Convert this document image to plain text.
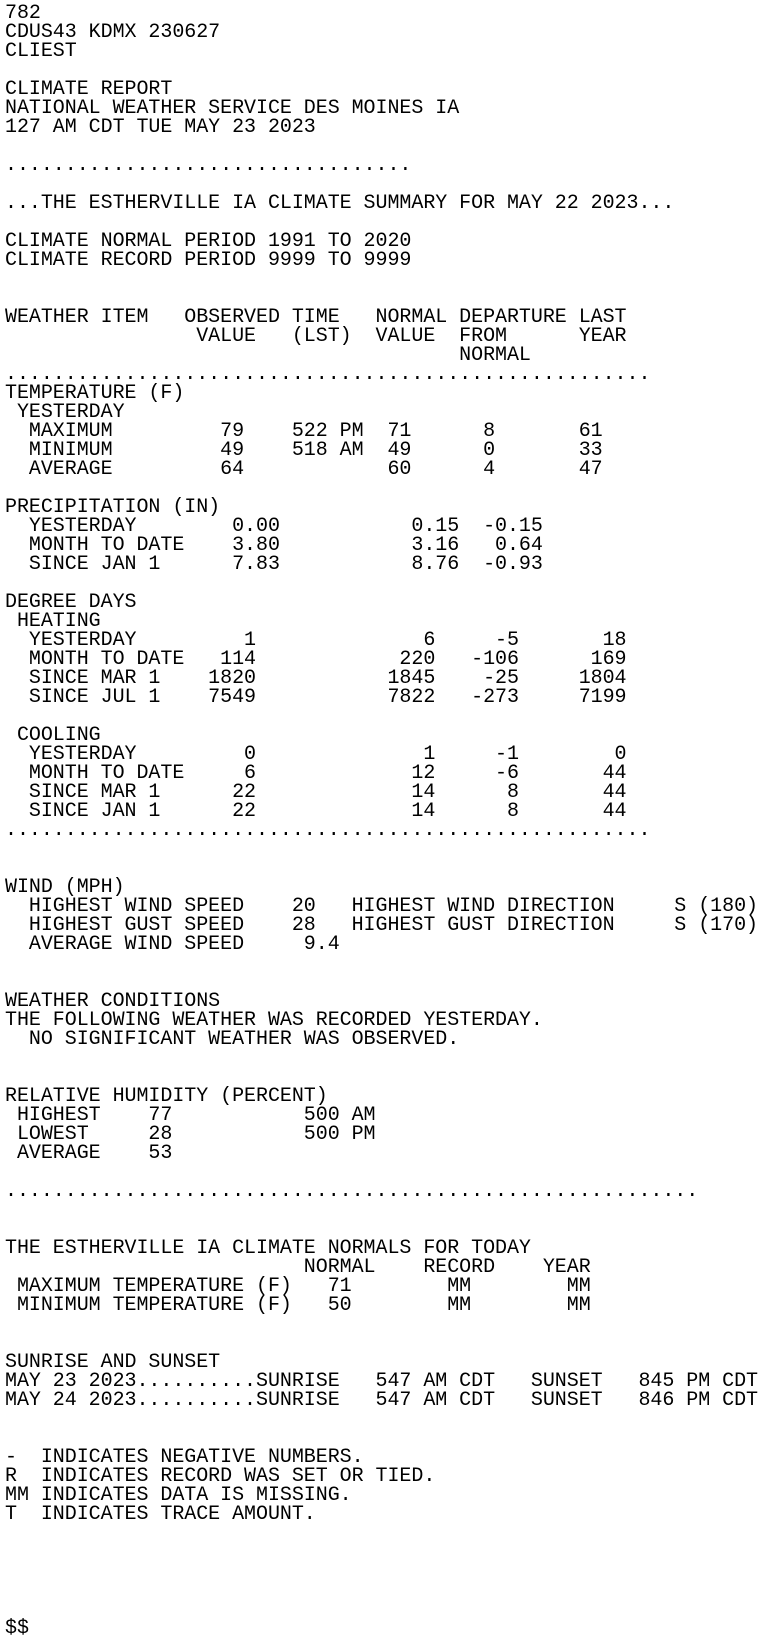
782
CDUS43 KDMX 230627
CLIEST

CLIMATE REPORT
NATIONAL WEATHER SERVICE DES MOINES IA
127 AM CDT TUE MAY 23 2023

..................................

...THE ESTHERVILLE IA CLIMATE SUMMARY FOR MAY 22 2023...

CLIMATE NORMAL PERIOD 1991 TO 2020
CLIMATE RECORD PERIOD 9999 TO 9999

WEATHER ITEM   OBSERVED TIME   NORMAL DEPARTURE LAST
VALUE   (LST)  VALUE  FROM      YEAR
NORMAL
......................................................
TEMPERATURE (F)
YESTERDAY
MAXIMUM         79    522 PM  71      8       61
MINIMUM         49    518 AM  49      0       33
AVERAGE         64            60      4       47

PRECIPITATION (IN)
YESTERDAY        0.00           0.15  -0.15
MONTH TO DATE    3.80           3.16   0.64
SINCE JAN 1      7.83           8.76  -0.93

DEGREE DAYS
HEATING
YESTERDAY         1              6     -5       18
MONTH TO DATE   114            220   -106      169
SINCE MAR 1    1820           1845    -25     1804
SINCE JUL 1    7549           7822   -273     7199

COOLING
YESTERDAY         0              1     -1        0
MONTH TO DATE     6             12     -6       44
SINCE MAR 1      22             14      8       44
SINCE JAN 1      22             14      8       44
......................................................

WIND (MPH)
HIGHEST WIND SPEED    20   HIGHEST WIND DIRECTION     S (180)
HIGHEST GUST SPEED    28   HIGHEST GUST DIRECTION     S (170)
AVERAGE WIND SPEED     9.4

WEATHER CONDITIONS
THE FOLLOWING WEATHER WAS RECORDED YESTERDAY.
NO SIGNIFICANT WEATHER WAS OBSERVED.

RELATIVE HUMIDITY (PERCENT)
HIGHEST    77           500 AM
LOWEST     28           500 PM
AVERAGE    53

..........................................................

THE ESTHERVILLE IA CLIMATE NORMALS FOR TODAY
NORMAL    RECORD    YEAR
MAXIMUM TEMPERATURE (F)   71        MM        MM
MINIMUM TEMPERATURE (F)   50        MM        MM

SUNRISE AND SUNSET
MAY 23 2023..........SUNRISE   547 AM CDT   SUNSET   845 PM CDT
MAY 24 2023..........SUNRISE   547 AM CDT   SUNSET   846 PM CDT

-  INDICATES NEGATIVE NUMBERS.
R  INDICATES RECORD WAS SET OR TIED.
MM INDICATES DATA IS MISSING.
T  INDICATES TRACE AMOUNT.

$$
